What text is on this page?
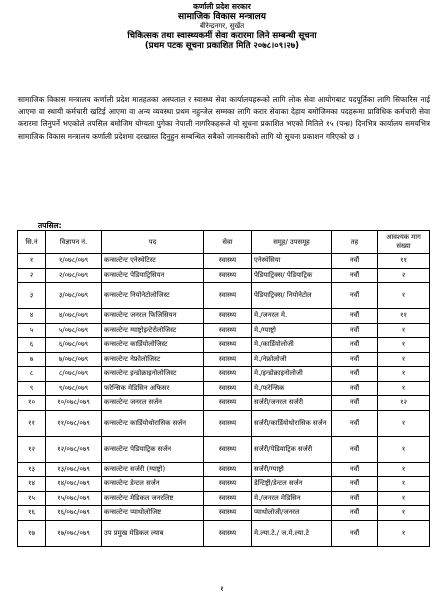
कर्णाली प्रदेश सरकार
सामाजिक विकास मन्त्रालय
बीरेन्द्रनगर, सुर्खेत
चिकित्सक तथा स्वास्थ्यकर्मी सेवा करारमा लिने सम्बन्धी सूचना
(प्रथम पटक सूचना प्रकाशित मिति २०७८।०९।२७)
सामाजिक विकास मन्त्रालय कर्णाली प्रदेश मातहतका अस्पताल र स्वास्थ्य सेवा कार्यालयहरूको लागि लोक सेवा आयोगबाट पदपूर्तिका लागि सिफारिस नाई आएमा वा स्थायी कर्मचारी खटिई आएमा वा अन्य व्यवस्था प्रथम नहुन्जेल सम्मका लागि करार सेवाका देहाय बमोजिमका पदहरूमा प्राविधिक कर्मचारी सेवा करारमा लिनुपर्ने भएकोले तपसिल बमोजिम योग्यता पुगेका नेपाली नागरिकहरूले यो सूचना प्रकाशित भएको मितिले १५ (पन्ध्र) दिनभित्र कार्यालय समयभित्र सामाजिक विकास मन्त्रालय कर्णाली प्रदेशमा दरखास्त दिनुहुन सम्बन्धित सबैको जानकारीको लागि यो सूचना प्रकाशन गरिएको छ ।
तपसिल:
सि.नं	विज्ञापन नं.	पद	सेवा	समूह/ उपसमूह	तह	आवश्यक माग संख्या
१	१/०७८/०७९	कन्सल्टेन्ट एनेस्थेटिस्ट	स्वास्थ्य	एनेस्थेसिया	नवौं	११
२	२/०७८/०७९	कन्सल्टेन्ट पेडियाट्रिसियन	स्वास्थ्य	पेडियाट्रिक्स/ पेडियाट्रिक	नवौं	२
३	३/०७८/०७९	कन्सल्टेन्ट नियोनेटोलोजिस्ट	स्वास्थ्य	पेडियाट्रिक्स/ नियोनेटोल	नवौं	१
४	४/०७८/०७९	कन्सल्टेन्ट जनरल फिजिसियन	स्वास्थ्य	मे./जनरल मे.	नवौं	११
५	५/०७८/०७९	कन्सल्टेन्ट ग्याष्ट्रोइन्टेरोलोजिस्ट	स्वास्थ्य	मे./ग्याष्ट्रो	नवौं	१
६	६/०७८/०७९	कन्सल्टेन्ट कार्डियोलोजिस्ट	स्वास्थ्य	मे./कार्डियोलोजी	नवौं	१
७	७/०७८/०७९	कन्सल्टेन्ट नेफ्रोलोजिस्ट	स्वास्थ्य	मे./नेफ्रोलोजी	नवौं	१
८	८/०७८/०७९	कन्सल्टेन्ट इन्डोक्राइनोलोजिस्ट	स्वास्थ्य	मे./इन्डोक्राइनोलोजी	नवौं	१
९	९/०७८/०७९	फरेन्सिक मेडिसिन अफिसर	स्वास्थ्य	मे./फरेन्सिक	नवौं	१
१०	१०/०७८/०७९	कन्सल्टेन्ट जनरल सर्जन	स्वास्थ्य	सर्जरी/जनरल सर्जरी	नवौं	१२
११	११/०७८/०७९	कन्सल्टेन्ट कार्डियोथोरासिक सर्जन	स्वास्थ्य	सर्जरी/कार्डियोथोरासिक सर्जन	नवौं	१
१२	१२/०७८/०७९	कन्सल्टेन्ट पेडियाट्रिक सर्जन	स्वास्थ्य	सर्जरी/पेडियाट्रिक सर्जरी	नवौं	१
१३	१३/०७८/०७९	कन्सल्टेन्ट सर्जरी (ग्याष्ट्रो)	स्वास्थ्य	सर्जरी/ग्याष्ट्रो	नवौं	१
१४	१४/०७८/०७९	कन्सल्टेन्ट डेन्टल सर्जन	स्वास्थ्य	डेन्टिष्ट्री/डेन्टल सर्जन	नवौं	१
१५	१५/०७८/०७९	कन्सल्टेन्ट मेडिकल जनरलिष्ट	स्वास्थ्य	मे./जनरल मेडिसिन	नवौं	१
१६	१६/०७८/०७९	कन्सल्टेन्ट प्याथोलोजिष्ट	स्वास्थ्य	प्याथोलोजी/जनरल	नवौं	१
१७	१७/०७८/०७९	उप प्रमुख मेडिकल ल्याब	स्वास्थ्य	मे.ल्या.टे./ ज.मे.ल्या.टे	नवौं	१
१
